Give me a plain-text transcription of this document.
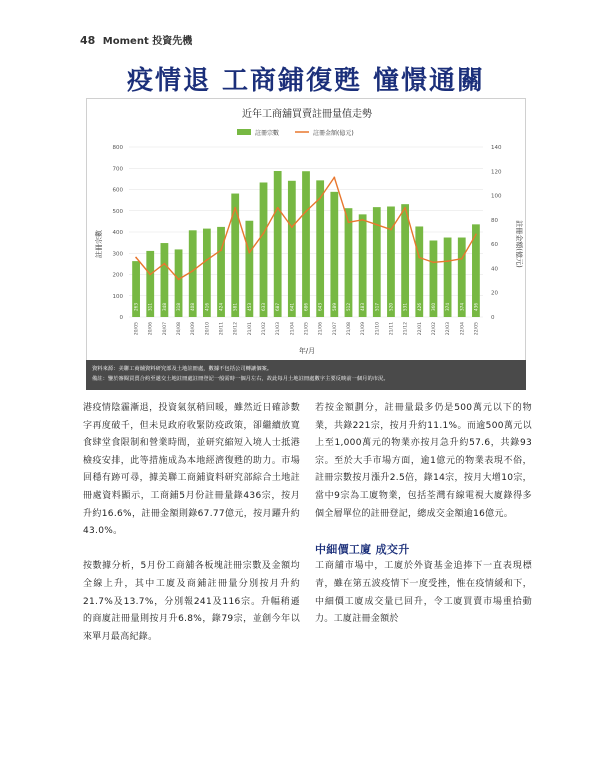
48 Moment 投資先機
疫情退 工商鋪復甦 憧憬通關
近年工商舖買賣註冊量值走勢
註冊宗數	註冊金額(億元)
0
100
200
300
400
500
600
700
800
0
20
40
60
80
100
120
140
263 311 348 318 408 416 424 581 453 633 687 641 686 643 589 512 483 517 520 531 426 360 374 374 436
20/05 20/06 20/07 20/08 20/09 20/10 20/11 20/12 21/01 21/02 21/03 21/04 21/05 21/06 21/07 21/08 21/09 21/10 21/11 21/12 22/01 22/02 22/03 22/04 22/05
註冊宗數	註冊金額(億元)
年/月
資料來源：美聯工商舖資料研究部及土地註冊處，數據不包括公司轉讓個案。
備註：鑒於審閱買賣合約至遞交土地註冊處註冊登記一般需時一個月左右，故此每月土地註冊處數字主要反映前一個月的市況。

港疫情陰霾漸退，投資氣氛稍回暖，雖然近日確診數字再度破千，但未見政府收緊防疫政策，卻繼續放寬食肆堂食限制和營業時間，並研究縮短入境人士抵港檢疫安排，此等措施成為本地經濟復甦的助力。市場回穩有跡可尋，據美聯工商鋪資料研究部綜合土地註冊處資料顯示，工商鋪5月份註冊量錄436宗，按月升約16.6%，註冊金額則錄67.77億元，按月躍升約43.0%。

按數據分析，5月份工商舖各板塊註冊宗數及金額均全線上升，其中工廈及商鋪註冊量分別按月升約21.7%及13.7%，分別報241及116宗。升幅稍遜的商廈註冊量則按月升6.8%，錄79宗，並創今年以來單月最高紀錄。

若按金額劃分，註冊量最多仍是500萬元以下的物業，共錄221宗，按月升約11.1%。而逾500萬元以上至1,000萬元的物業亦按月急升約57.6，共錄93宗。至於大手市場方面，逾1億元的物業表現不俗，註冊宗數按月漲升2.5倍，錄14宗，按月大增10宗，當中9宗為工廈物業，包括荃灣有線電視大廈錄得多個全層單位的註冊登記，總成交金額逾16億元。

中細價工廈 成交升

工商舖市場中，工廈於外資基金追捧下一直表現標青，雖在第五波疫情下一度受挫，惟在疫情緩和下，中細價工廈成交量已回升，令工廈買賣市場重拾動力。工廈註冊金額於
